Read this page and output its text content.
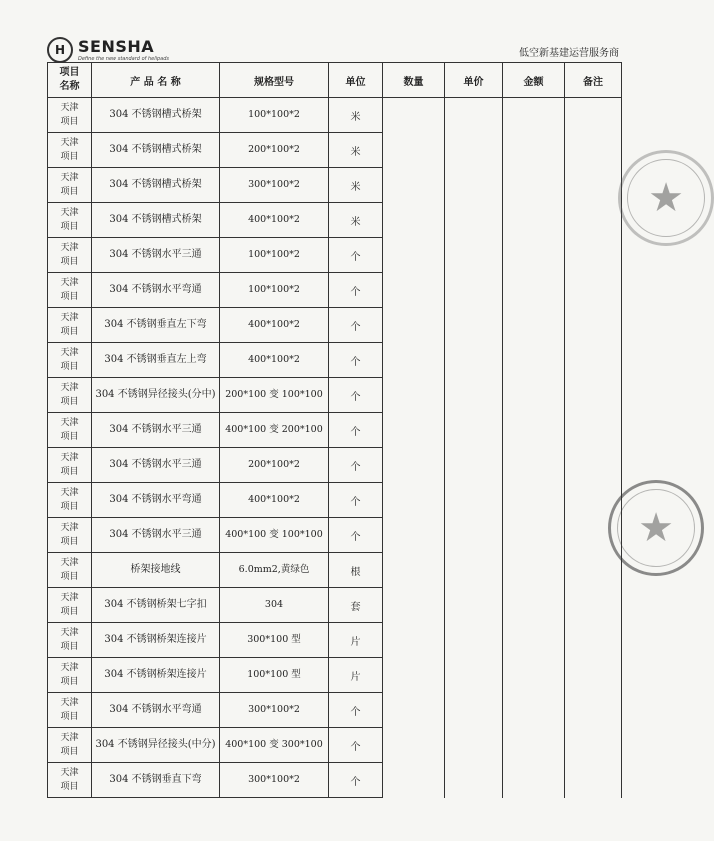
H SENSHA
Define the new standard of helipads	低空新基建运营服务商
项目
名称	产 品 名 称	规格型号	单位	数量	单价	金额	备注

天津
项目	304 不锈钢槽式桥架	100*100*2	米				

天津
项目	304 不锈钢槽式桥架	200*100*2	米				

天津
项目	304 不锈钢槽式桥架	300*100*2	米				

天津
项目	304 不锈钢槽式桥架	400*100*2	米				

天津
项目	304 不锈钢水平三通	100*100*2	个				

天津
项目	304 不锈钢水平弯通	100*100*2	个				

天津
项目	304 不锈钢垂直左下弯	400*100*2	个				

天津
项目	304 不锈钢垂直左上弯	400*100*2	个				

天津
项目	304 不锈钢异径接头(分中)	200*100 变 100*100	个				

天津
项目	304 不锈钢水平三通	400*100 变 200*100	个				

天津
项目	304 不锈钢水平三通	200*100*2	个				

天津
项目	304 不锈钢水平弯通	400*100*2	个				

天津
项目	304 不锈钢水平三通	400*100 变 100*100	个				

天津
项目	桥架接地线	6.0mm2,黄绿色	根				

天津
项目	304 不锈钢桥架七字扣	304	套				

天津
项目	304 不锈钢桥架连接片	300*100 型	片				

天津
项目	304 不锈钢桥架连接片	100*100 型	片				

天津
项目	304 不锈钢水平弯通	300*100*2	个				

天津
项目	304 不锈钢异径接头(中分)	400*100 变 300*100	个				

天津
项目	304 不锈钢垂直下弯	300*100*2	个				
★
★
